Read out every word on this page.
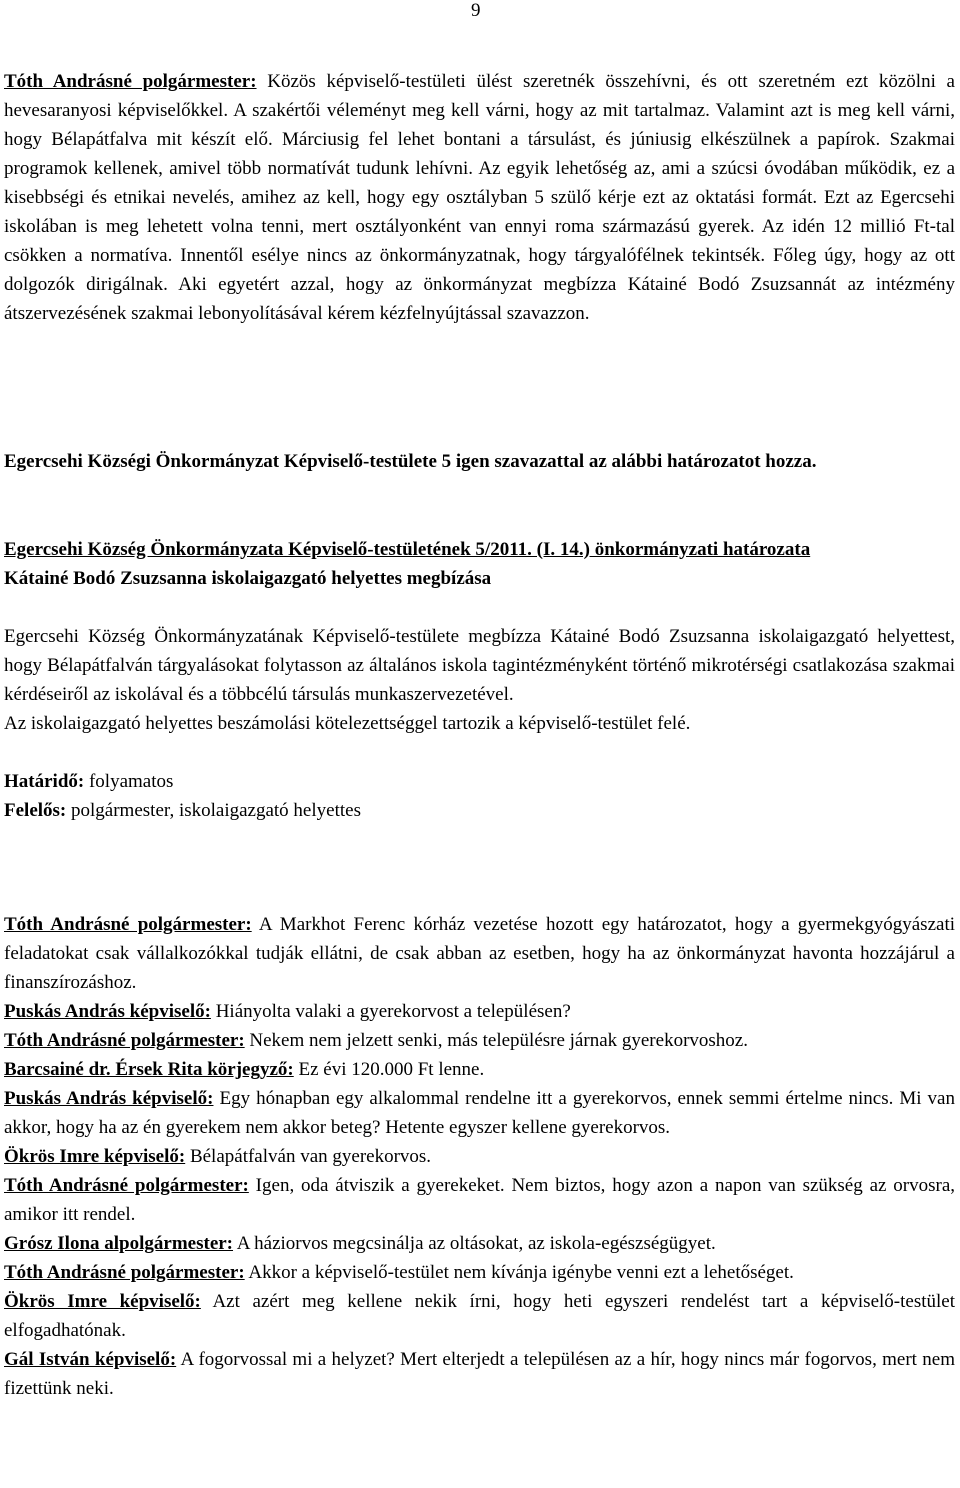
9

Tóth Andrásné polgármester: Közös képviselő-testületi ülést szeretnék összehívni, és ott szeretném ezt közölni a hevesaranyosi képviselőkkel. A szakértői véleményt meg kell várni, hogy az mit tartalmaz. Valamint azt is meg kell várni, hogy Bélapátfalva mit készít elő. Márciusig fel lehet bontani a társulást, és júniusig elkészülnek a papírok. Szakmai programok kellenek, amivel több normatívát tudunk lehívni. Az egyik lehetőség az, ami a szúcsi óvodában működik, ez a kisebbségi és etnikai nevelés, amihez az kell, hogy egy osztályban 5 szülő kérje ezt az oktatási formát. Ezt az Egercsehi iskolában is meg lehetett volna tenni, mert osztályonként van ennyi roma származású gyerek. Az idén 12 millió Ft-tal csökken a normatíva. Innentől esélye nincs az önkormányzatnak, hogy tárgyalófélnek tekintsék. Főleg úgy, hogy az ott dolgozók dirigálnak. Aki egyetért azzal, hogy az önkormányzat megbízza Kátainé Bodó Zsuzsannát az intézmény átszervezésének szakmai lebonyolításával kérem kézfelnyújtással szavazzon.

Egercsehi Községi Önkormányzat Képviselő-testülete 5 igen szavazattal az alábbi határozatot hozza.

Egercsehi Község Önkormányzata Képviselő-testületének 5/2011. (I. 14.) önkormányzati határozata
Kátainé Bodó Zsuzsanna iskolaigazgató helyettes megbízása
Egercsehi Község Önkormányzatának Képviselő-testülete megbízza Kátainé Bodó Zsuzsanna iskolaigazgató helyettest, hogy Bélapátfalván tárgyalásokat folytasson az általános iskola tagintézményként történő mikrotérségi csatlakozása szakmai kérdéseiről az iskolával és a többcélú társulás munkaszervezetével.
Az iskolaigazgató helyettes beszámolási kötelezettséggel tartozik a képviselő-testület felé.
Határidő: folyamatos
Felelős: polgármester, iskolaigazgató helyettes
Tóth Andrásné polgármester: A Markhot Ferenc kórház vezetése hozott egy határozatot, hogy a gyermekgyógyászati feladatokat csak vállalkozókkal tudják ellátni, de csak abban az esetben, hogy ha az önkormányzat havonta hozzájárul a finanszírozáshoz.
Puskás András képviselő: Hiányolta valaki a gyerekorvost a településen?
Tóth Andrásné polgármester: Nekem nem jelzett senki, más településre járnak gyerekorvoshoz.
Barcsainé dr. Érsek Rita körjegyző: Ez évi 120.000 Ft lenne.
Puskás András képviselő: Egy hónapban egy alkalommal rendelne itt a gyerekorvos, ennek semmi értelme nincs. Mi van akkor, hogy ha az én gyerekem nem akkor beteg? Hetente egyszer kellene gyerekorvos.
Ökrös Imre képviselő: Bélapátfalván van gyerekorvos.
Tóth Andrásné polgármester: Igen, oda átviszik a gyerekeket. Nem biztos, hogy azon a napon van szükség az orvosra, amikor itt rendel.
Grósz Ilona alpolgármester: A háziorvos megcsinálja az oltásokat, az iskola-egészségügyet.
Tóth Andrásné polgármester: Akkor a képviselő-testület nem kívánja igénybe venni ezt a lehetőséget.
Ökrös Imre képviselő: Azt azért meg kellene nekik írni, hogy heti egyszeri rendelést tart a képviselő-testület elfogadhatónak.
Gál István képviselő: A fogorvossal mi a helyzet? Mert elterjedt a településen az a hír, hogy nincs már fogorvos, mert nem fizettünk neki.
